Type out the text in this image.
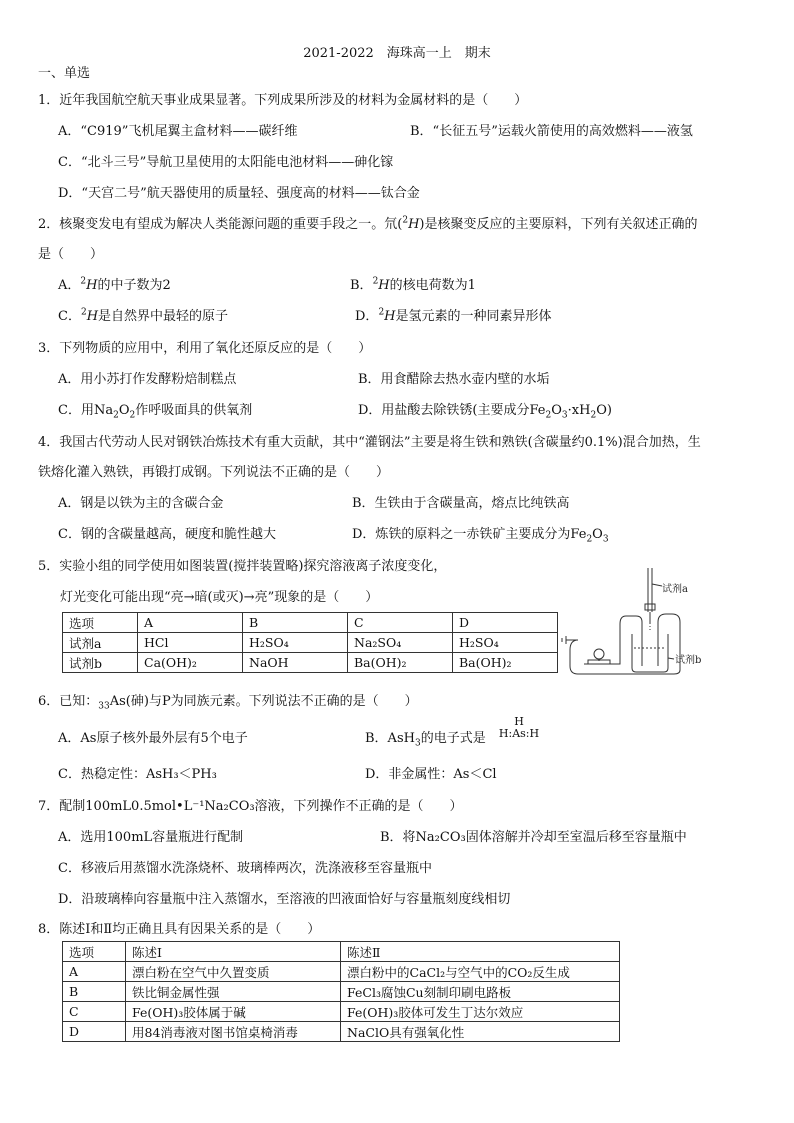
2021-2022　海珠高一上　期末
一、单选
1．近年我国航空航天事业成果显著。下列成果所涉及的材料为金属材料的是（　　）
A．“C919”飞机尾翼主盒材料——碳纤维	B．“长征五号”运载火箭使用的高效燃料——液氢
C．“北斗三号”导航卫星使用的太阳能电池材料——砷化镓
D．“天宫二号”航天器使用的质量轻、强度高的材料——钛合金
2．核聚变发电有望成为解决人类能源问题的重要手段之一。氘($^2$H)是核聚变反应的主要原料，下列有关叙述正确的
是（　　）
A．$^2$H的中子数为2	B．$^2$H的核电荷数为1
C．$^2$H是自然界中最轻的原子	D．$^2$H是氢元素的一种同素异形体
3．下列物质的应用中，利用了氧化还原反应的是（　　）
A．用小苏打作发酵粉焙制糕点	B．用食醋除去热水壶内壁的水垢
C．用$Na_2O_2$作呼吸面具的供氧剂	D．用盐酸去除铁锈(主要成分$Fe_2O_3\cdot xH_2O$)
4．我国古代劳动人民对钢铁冶炼技术有重大贡献，其中“灌钢法”主要是将生铁和熟铁(含碳量约0.1%)混合加热，生
铁熔化灌入熟铁，再锻打成钢。下列说法不正确的是（　　）
A．钢是以铁为主的含碳合金	B．生铁由于含碳量高，熔点比纯铁高
C．钢的含碳量越高，硬度和脆性越大	D．炼铁的原料之一赤铁矿主要成分为$Fe_2O_3$
5．实验小组的同学使用如图装置(搅拌装置略)探究溶液离子浓度变化，
灯光变化可能出现“亮→暗(或灭)→亮”现象的是（　　）
选项	A	B	C	D
试剂a	HCl	H₂SO₄	Na₂SO₄	H₂SO₄
试剂b	Ca(OH)₂	NaOH	Ba(OH)₂	Ba(OH)₂
试剂a
试剂b
6．已知：$_{33}$As(砷)与P为同族元素。下列说法不正确的是（　　）
A．As原子核外最外层有5个电子	B．AsH$_3$的电子式是
H
H:As:H
C．热稳定性：AsH₃＜PH₃	D．非金属性：As＜Cl
7．配制100mL0.5mol•L⁻¹Na₂CO₃溶液，下列操作不正确的是（　　）
A．选用100mL容量瓶进行配制	B．将Na₂CO₃固体溶解并冷却至室温后移至容量瓶中
C．移液后用蒸馏水洗涤烧杯、玻璃棒两次，洗涤液移至容量瓶中
D．沿玻璃棒向容量瓶中注入蒸馏水，至溶液的凹液面恰好与容量瓶刻度线相切
8．陈述Ⅰ和Ⅱ均正确且具有因果关系的是（　　）
选项	陈述Ⅰ	陈述Ⅱ
A	漂白粉在空气中久置变质	漂白粉中的CaCl₂与空气中的CO₂反生成
B	铁比铜金属性强	FeCl₃腐蚀Cu刻制印刷电路板
C	Fe(OH)₃胶体属于碱	Fe(OH)₃胶体可发生丁达尔效应
D	用84消毒液对图书馆桌椅消毒	NaClO具有强氧化性
